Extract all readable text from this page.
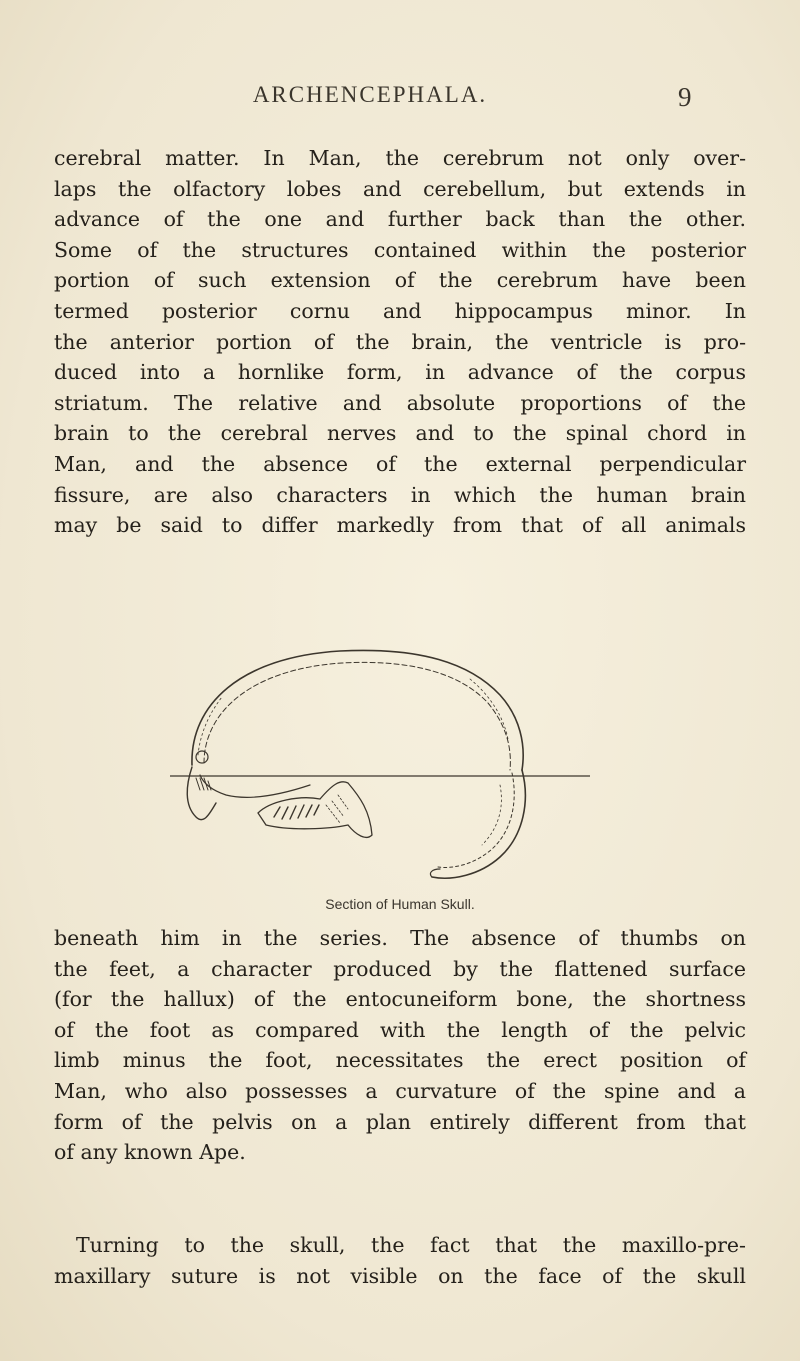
ARCHENCEPHALA.	9
cerebral matter. In Man, the cerebrum not only over-
laps the olfactory lobes and cerebellum, but extends in
advance of the one and further back than the other.
Some of the structures contained within the posterior
portion of such extension of the cerebrum have been
termed posterior cornu and hippocampus minor. In
the anterior portion of the brain, the ventricle is pro-
duced into a hornlike form, in advance of the corpus
striatum. The relative and absolute proportions of the
brain to the cerebral nerves and to the spinal chord in
Man, and the absence of the external perpendicular
fissure, are also characters in which the human brain
may be said to differ markedly from that of all animals
Section of Human Skull.
beneath him in the series. The absence of thumbs on
the feet, a character produced by the flattened surface
(for the hallux) of the entocuneiform bone, the shortness
of the foot as compared with the length of the pelvic
limb minus the foot, necessitates the erect position of
Man, who also possesses a curvature of the spine and a
form of the pelvis on a plan entirely different from that
of any known Ape.
Turning to the skull, the fact that the maxillo-pre-
maxillary suture is not visible on the face of the skull
